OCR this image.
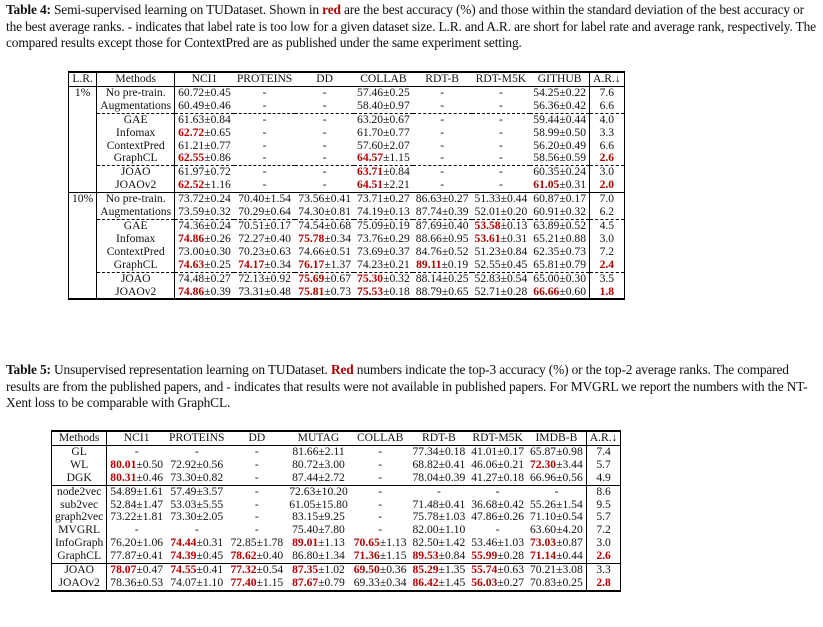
Table 4: Semi-supervised learning on TUDataset. Shown in red are the best accuracy (%) and those within the standard deviation of the best accuracy or the best average ranks. - indicates that label rate is too low for a given dataset size. L.R. and A.R. are short for label rate and average rank, respectively. The compared results except those for ContextPred are as published under the same experiment setting.
L.R.	Methods	NCI1	PROTEINS	DD	COLLAB	RDT-B	RDT-M5K	GITHUB	A.R.↓
1%	No pre-train.	60.72±0.45	-	-	57.46±0.25	-	-	54.25±0.22	7.6
	Augmentations	60.49±0.46	-	-	58.40±0.97	-	-	56.36±0.42	6.6
	GAE	61.63±0.84	-	-	63.20±0.67	-	-	59.44±0.44	4.0
	Infomax	62.72±0.65	-	-	61.70±0.77	-	-	58.99±0.50	3.3
	ContextPred	61.21±0.77	-	-	57.60±2.07	-	-	56.20±0.49	6.6
	GraphCL	62.55±0.86	-	-	64.57±1.15	-	-	58.56±0.59	2.6
	JOAO	61.97±0.72	-	-	63.71±0.84	-	-	60.35±0.24	3.0
	JOAOv2	62.52±1.16	-	-	64.51±2.21	-	-	61.05±0.31	2.0
10%	No pre-train.	73.72±0.24	70.40±1.54	73.56±0.41	73.71±0.27	86.63±0.27	51.33±0.44	60.87±0.17	7.0
	Augmentations	73.59±0.32	70.29±0.64	74.30±0.81	74.19±0.13	87.74±0.39	52.01±0.20	60.91±0.32	6.2
	GAE	74.36±0.24	70.51±0.17	74.54±0.68	75.09±0.19	87.69±0.40	53.58±0.13	63.89±0.52	4.5
	Infomax	74.86±0.26	72.27±0.40	75.78±0.34	73.76±0.29	88.66±0.95	53.61±0.31	65.21±0.88	3.0
	ContextPred	73.00±0.30	70.23±0.63	74.66±0.51	73.69±0.37	84.76±0.52	51.23±0.84	62.35±0.73	7.2
	GraphCL	74.63±0.25	74.17±0.34	76.17±1.37	74.23±0.21	89.11±0.19	52.55±0.45	65.81±0.79	2.4
	JOAO	74.48±0.27	72.13±0.92	75.69±0.67	75.30±0.32	88.14±0.25	52.83±0.54	65.00±0.30	3.5
	JOAOv2	74.86±0.39	73.31±0.48	75.81±0.73	75.53±0.18	88.79±0.65	52.71±0.28	66.66±0.60	1.8
Table 5: Unsupervised representation learning on TUDataset. Red numbers indicate the top-3 accuracy (%) or the top-2 average ranks. The compared results are from the published papers, and - indicates that results were not available in published papers. For MVGRL we report the numbers with the NT-Xent loss to be comparable with GraphCL.
Methods	NCI1	PROTEINS	DD	MUTAG	COLLAB	RDT-B	RDT-M5K	IMDB-B	A.R.↓
GL	-	-	-	81.66±2.11	-	77.34±0.18	41.01±0.17	65.87±0.98	7.4
WL	80.01±0.50	72.92±0.56	-	80.72±3.00	-	68.82±0.41	46.06±0.21	72.30±3.44	5.7
DGK	80.31±0.46	73.30±0.82	-	87.44±2.72	-	78.04±0.39	41.27±0.18	66.96±0.56	4.9
node2vec	54.89±1.61	57.49±3.57	-	72.63±10.20	-	-	-	-	8.6
sub2vec	52.84±1.47	53.03±5.55	-	61.05±15.80	-	71.48±0.41	36.68±0.42	55.26±1.54	9.5
graph2vec	73.22±1.81	73.30±2.05	-	83.15±9.25	-	75.78±1.03	47.86±0.26	71.10±0.54	5.7
MVGRL	-	-	-	75.40±7.80	-	82.00±1.10	-	63.60±4.20	7.2
InfoGraph	76.20±1.06	74.44±0.31	72.85±1.78	89.01±1.13	70.65±1.13	82.50±1.42	53.46±1.03	73.03±0.87	3.0
GraphCL	77.87±0.41	74.39±0.45	78.62±0.40	86.80±1.34	71.36±1.15	89.53±0.84	55.99±0.28	71.14±0.44	2.6
JOAO	78.07±0.47	74.55±0.41	77.32±0.54	87.35±1.02	69.50±0.36	85.29±1.35	55.74±0.63	70.21±3.08	3.3
JOAOv2	78.36±0.53	74.07±1.10	77.40±1.15	87.67±0.79	69.33±0.34	86.42±1.45	56.03±0.27	70.83±0.25	2.8
